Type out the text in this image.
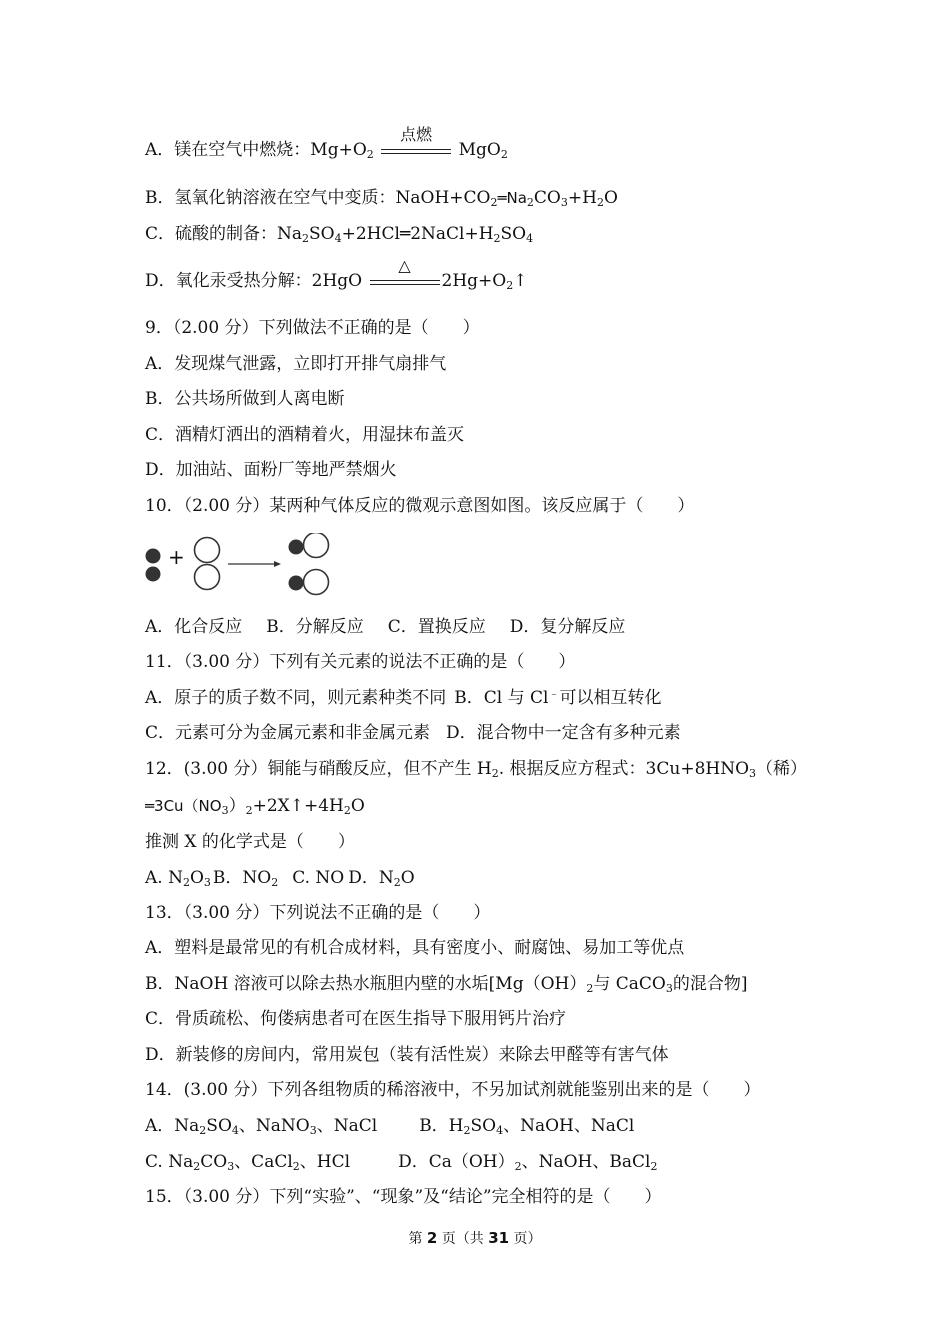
A．镁在空气中燃烧：$Mg+O_2$
点燃
MgO$_2$
B．氢氧化钠溶液在空气中变质：$NaOH+CO_2═Na_2CO_3+H_2O$
C．硫酸的制备：$Na_2SO_4+2HCl═2NaCl+H_2SO_4$
D．氧化汞受热分解：2HgO
△
$2Hg+O_2↑$
9．（2.00 分）下列做法不正确的是（　　）
A．发现煤气泄露，立即打开排气扇排气
B．公共场所做到人离电断
C．酒精灯洒出的酒精着火，用湿抹布盖灭
D．加油站、面粉厂等地严禁烟火
10．（2.00 分）某两种气体反应的微观示意图如图。该反应属于（　　）
+
A．化合反应 B．分解反应 C．置换反应 D．复分解反应
11．（3.00 分）下列有关元素的说法不正确的是（　　）
A．原子的质子数不同，则元素种类不同 B．Cl 与 Cl﹣可以相互转化
C．元素可分为金属元素和非金属元素 D．混合物中一定含有多种元素
12．(3.00 分）铜能与硝酸反应，但不产生 $H_2$. 根据反应方程式：$3Cu+8HNO_3$（稀）
$═3Cu(NO_3)_2+2X↑+4H_2O$
推测 X 的化学式是（　　）
A. $N_2O_3$ B．$NO_2$ C. NO D．$N_2O$
13．（3.00 分）下列说法不正确的是（　　）
A．塑料是最常见的有机合成材料，具有密度小、耐腐蚀、易加工等优点
B．NaOH 溶液可以除去热水瓶胆内壁的水垢[$Mg(OH)_2$与 CaCO$_3$的混合物]
C．骨质疏松、佝偻病患者可在医生指导下服用钙片治疗
D．新装修的房间内，常用炭包（装有活性炭）来除去甲醛等有害气体
14．(3.00 分）下列各组物质的稀溶液中，不另加试剂就能鉴别出来的是（　　）
A．$Na_2SO_4$、NaNO$_3$、NaCl B．$H_2SO_4$、NaOH、NaCl
C. $Na_2CO_3$、CaCl$_2$、HCl	D．$Ca(OH)_2$、NaOH、BaCl$_2$
15．（3.00 分）下列“实验”、“现象”及“结论”完全相符的是（　　）
第 2 页（共 31 页）
